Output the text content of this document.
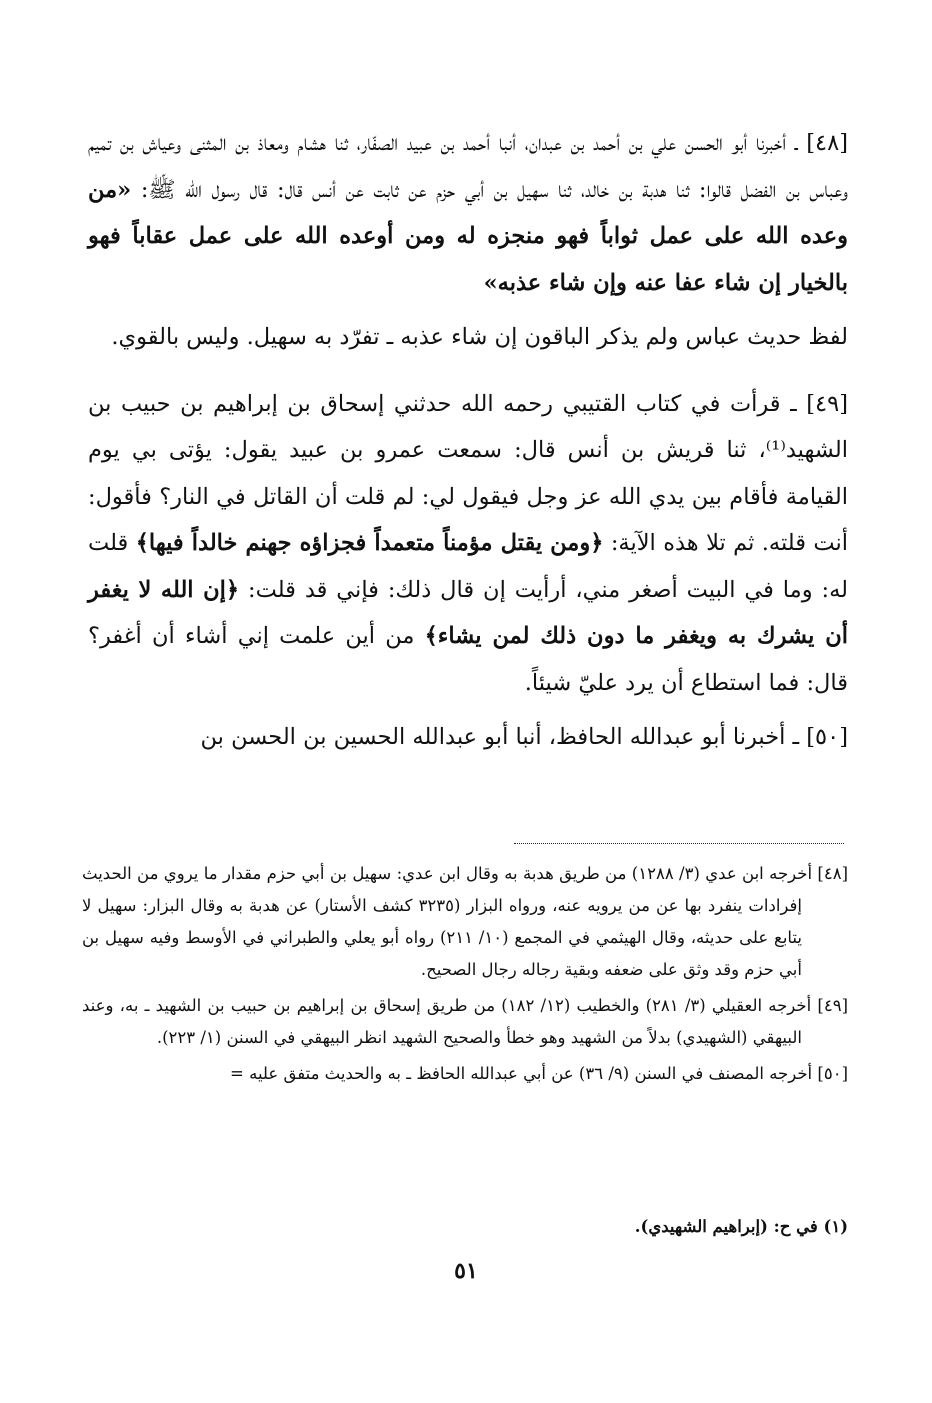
[٤٨] ـ أخبرنا أبو الحسن علي بن أحمد بن عبدان، أنبا أحمد بن عبيد الصفّار، ثنا هشام ومعاذ بن المثنى وعياش بن تميم وعباس بن الفضل قالوا: ثنا هدبة بن خالد، ثنا سهيل بن أبي حزم عن ثابت عن أنس قال: قال رسول الله ﷺ: «من وعده الله على عمل ثواباً فهو منجزه له ومن أوعده الله على عمل عقاباً فهو بالخيار إن شاء عفا عنه وإن شاء عذبه»

لفظ حديث عباس ولم يذكر الباقون إن شاء عذبه ـ تفرّد به سهيل. وليس بالقوي.

[٤٩] ـ قرأت في كتاب القتيبي رحمه الله حدثني إسحاق بن إبراهيم بن حبيب بن الشهيد⁽¹⁾، ثنا قريش بن أنس قال: سمعت عمرو بن عبيد يقول: يؤتى بي يوم القيامة فأقام بين يدي الله عز وجل فيقول لي: لم قلت أن القاتل في النار؟ فأقول: أنت قلته. ثم تلا هذه الآية: ﴿ومن يقتل مؤمناً متعمداً فجزاؤه جهنم خالداً فيها﴾ قلت له: وما في البيت أصغر مني، أرأيت إن قال ذلك: فإني قد قلت: ﴿إن الله لا يغفر أن يشرك به ويغفر ما دون ذلك لمن يشاء﴾ من أين علمت إني أشاء أن أغفر؟ قال: فما استطاع أن يرد عليّ شيئاً.

[٥٠] ـ أخبرنا أبو عبدالله الحافظ، أنبا أبو عبدالله الحسين بن الحسن بن

[٤٨] أخرجه ابن عدي (٣/ ١٢٨٨) من طريق هدبة به وقال ابن عدي: سهيل بن أبي حزم مقدار ما يروي من الحديث إفرادات ينفرد بها عن من يرويه عنه، ورواه البزار (٣٢٣٥ كشف الأستار) عن هدبة به وقال البزار: سهيل لا يتابع على حديثه، وقال الهيثمي في المجمع (١٠/ ٢١١) رواه أبو يعلي والطبراني في الأوسط وفيه سهيل بن أبي حزم وقد وثق على ضعفه وبقية رجاله رجال الصحيح.

[٤٩] أخرجه العقيلي (٣/ ٢٨١) والخطيب (١٢/ ١٨٢) من طريق إسحاق بن إبراهيم بن حبيب بن الشهيد ـ به، وعند البيهقي (الشهيدي) بدلاً من الشهيد وهو خطأ والصحيح الشهيد انظر البيهقي في السنن (١/ ٢٢٣).

[٥٠] أخرجه المصنف في السنن (٩/ ٣٦) عن أبي عبدالله الحافظ ـ به والحديث متفق عليه =

(١) في ح: (إبراهيم الشهيدي).

٥١
